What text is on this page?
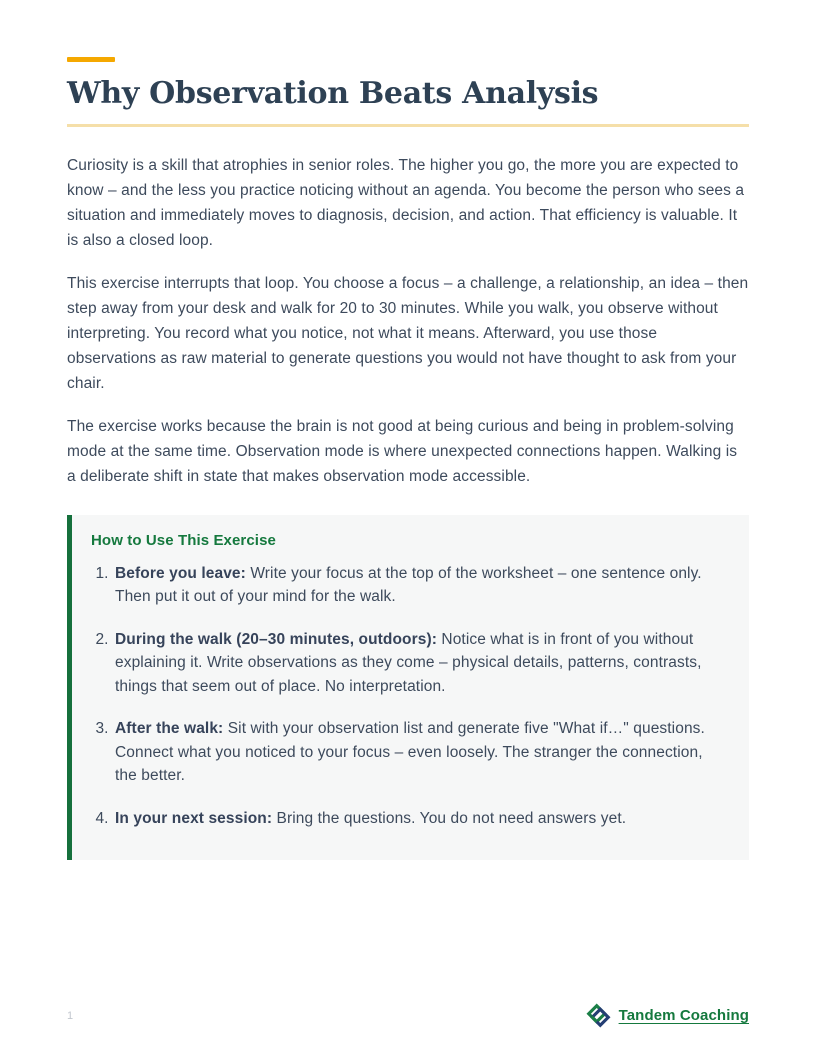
Why Observation Beats Analysis

Curiosity is a skill that atrophies in senior roles. The higher you go, the more you are expected to know – and the less you practice noticing without an agenda. You become the person who sees a situation and immediately moves to diagnosis, decision, and action. That efficiency is valuable. It is also a closed loop.

This exercise interrupts that loop. You choose a focus – a challenge, a relationship, an idea – then step away from your desk and walk for 20 to 30 minutes. While you walk, you observe without interpreting. You record what you notice, not what it means. Afterward, you use those observations as raw material to generate questions you would not have thought to ask from your chair.

The exercise works because the brain is not good at being curious and being in problem-solving mode at the same time. Observation mode is where unexpected connections happen. Walking is a deliberate shift in state that makes observation mode accessible.

How to Use This Exercise
1. Before you leave: Write your focus at the top of the worksheet – one sentence only. Then put it out of your mind for the walk.
2. During the walk (20–30 minutes, outdoors): Notice what is in front of you without explaining it. Write observations as they come – physical details, patterns, contrasts, things that seem out of place. No interpretation.
3. After the walk: Sit with your observation list and generate five "What if…" questions. Connect what you noticed to your focus – even loosely. The stranger the connection, the better.
4. In your next session: Bring the questions. You do not need answers yet.
1	Tandem Coaching
